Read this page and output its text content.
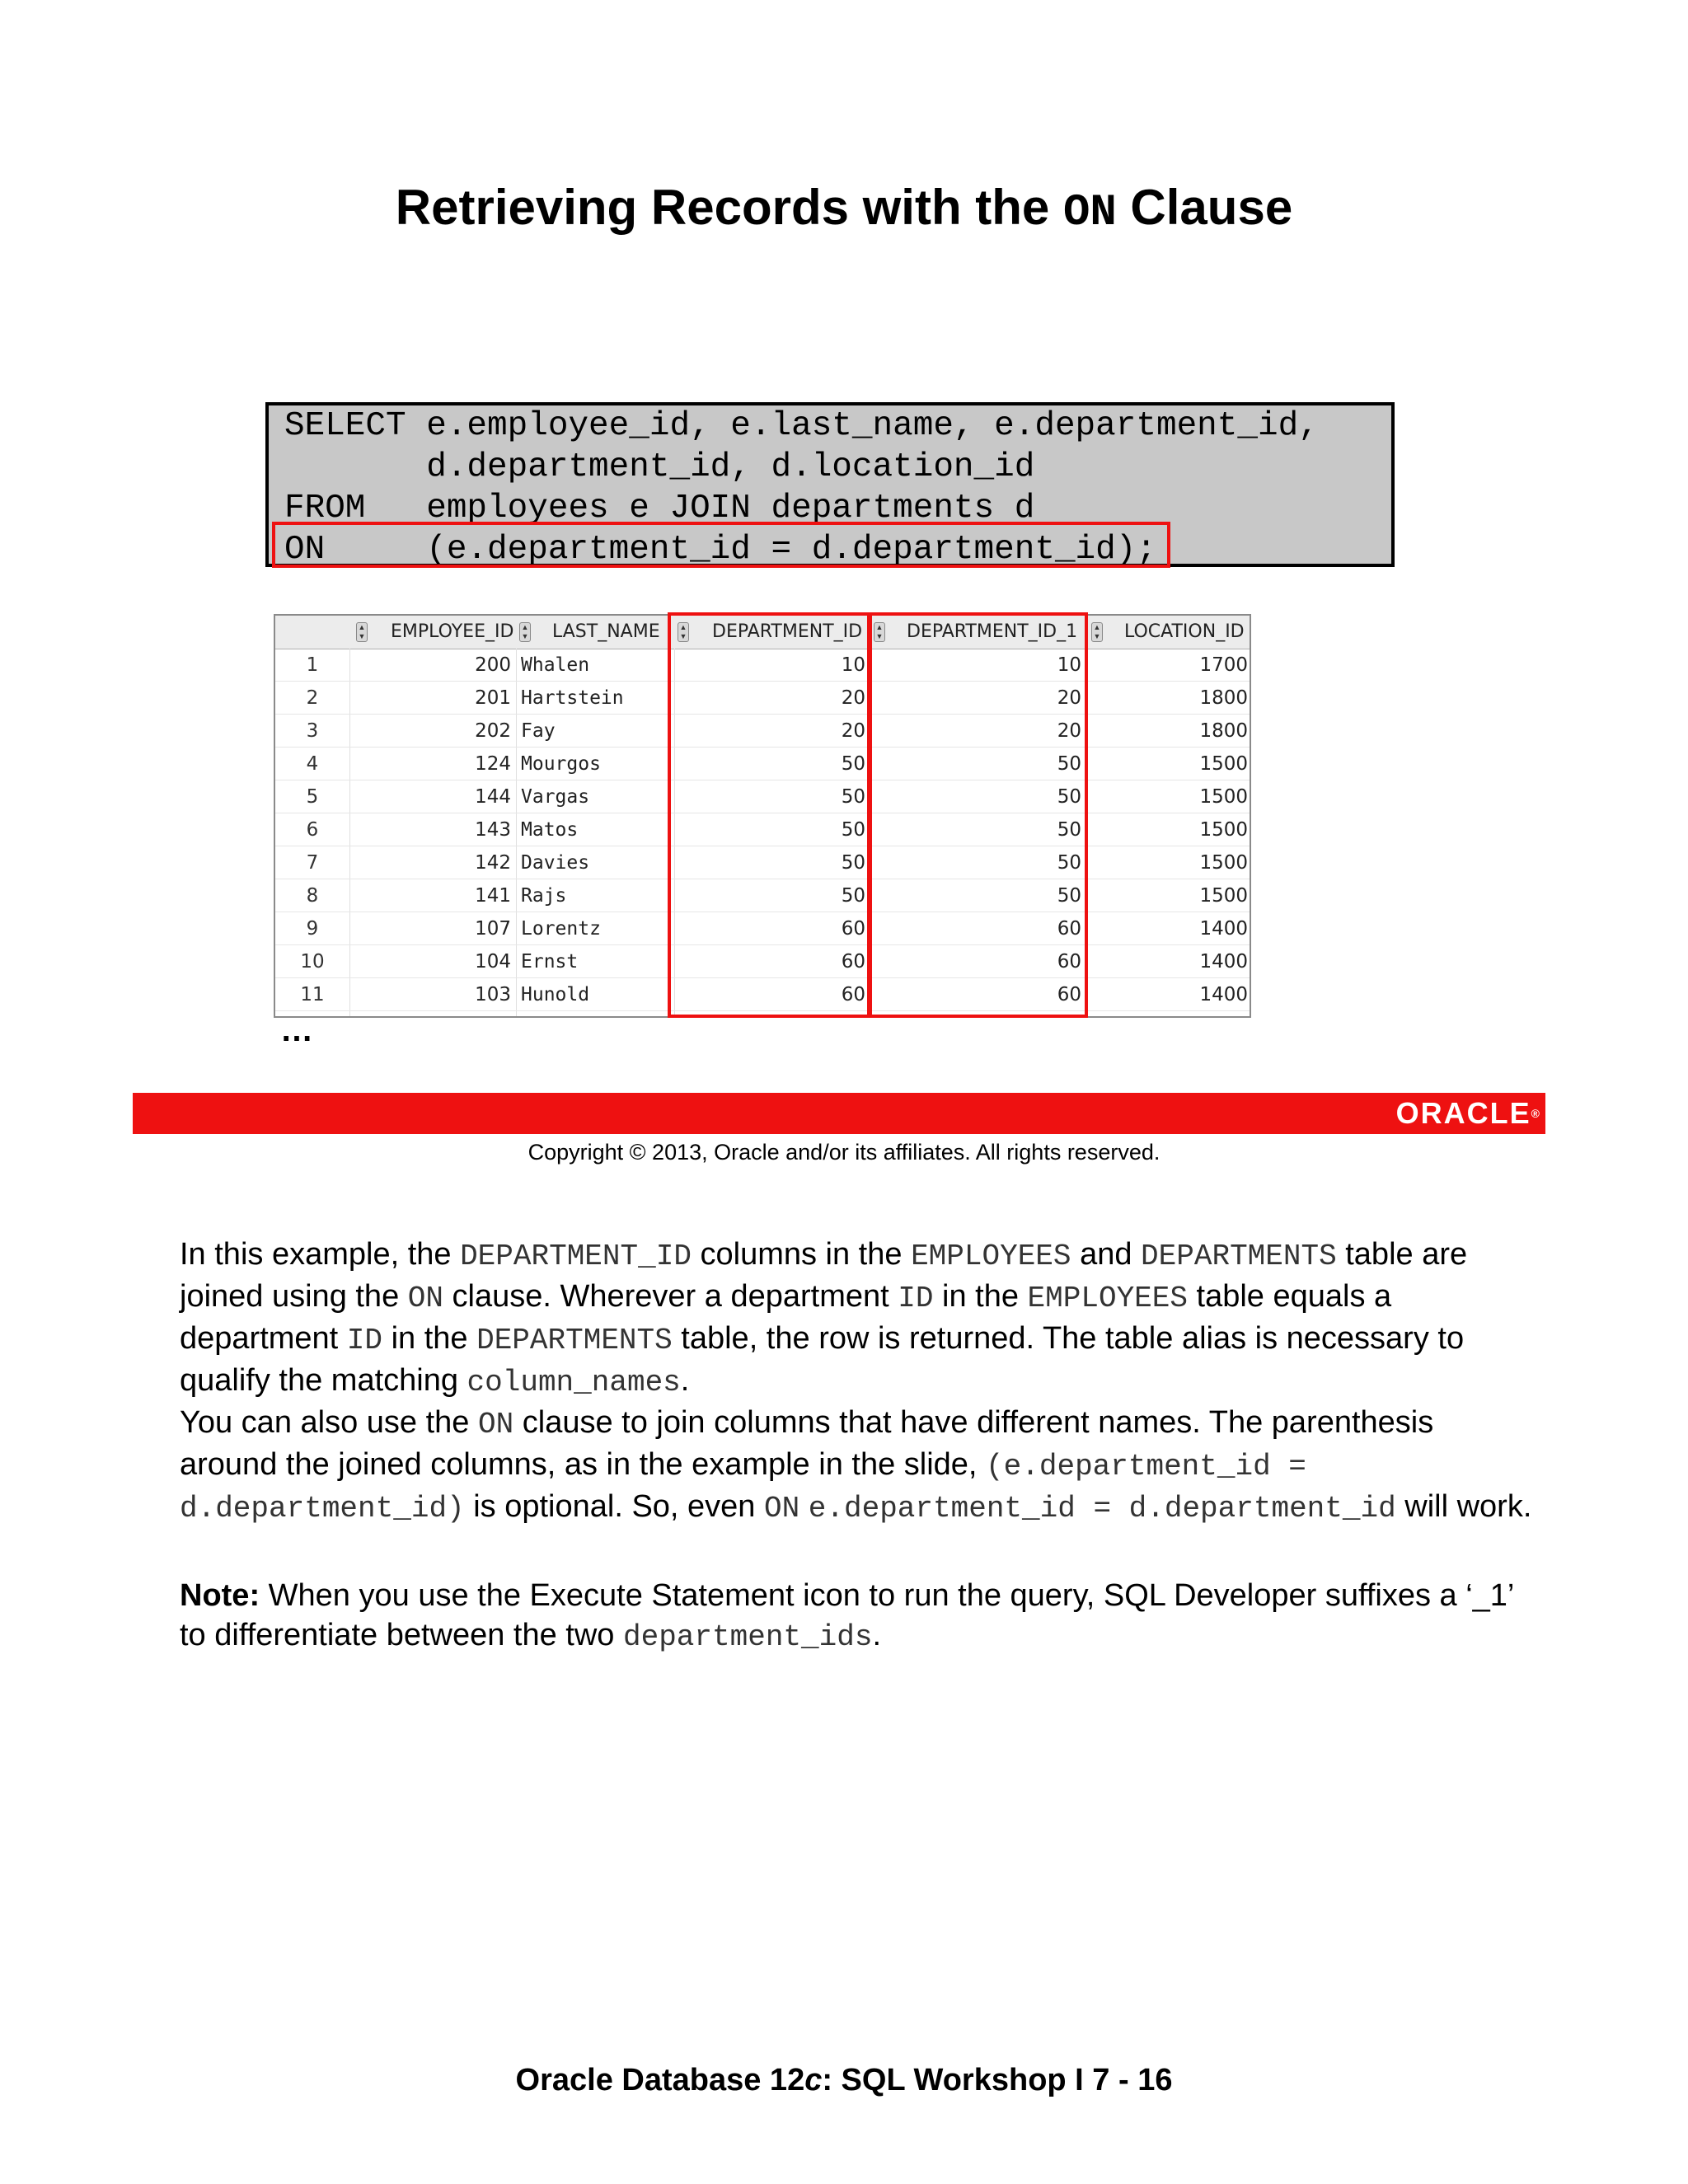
Retrieving Records with the ON Clause
SELECT e.employee_id, e.last_name, e.department_id,
d.department_id, d.location_id
FROM   employees e JOIN departments d
ON     (e.department_id = d.department_id);
▲
▼ EMPLOYEE_ID ▲
▼ LAST_NAME	▲
▼ DEPARTMENT_ID ▲
▼ DEPARTMENT_ID_1 ▲
▼ LOCATION_ID
1	200 Whalen	10	10	1700
2	201 Hartstein	20	20	1800
3	202 Fay	20	20	1800
4	124 Mourgos	50	50	1500
5	144 Vargas	50	50	1500
6	143 Matos	50	50	1500
7	142 Davies	50	50	1500
8	141 Rajs	50	50	1500
9	107 Lorentz	60	60	1400
10	104 Ernst	60	60	1400
11	103 Hunold	60	60	1400
…
ORACLE®
Copyright © 2013, Oracle and/or its affiliates. All rights reserved.
In this example, the DEPARTMENT_ID columns in the EMPLOYEES and DEPARTMENTS table are joined using the ON clause. Wherever a department ID in the EMPLOYEES table equals a department ID in the DEPARTMENTS table, the row is returned. The table alias is necessary to qualify the matching column_names.
You can also use the ON clause to join columns that have different names. The parenthesis around the joined columns, as in the example in the slide, (e.department_id = d.department_id) is optional. So, even ON e.department_id = d.department_id will work.
Note: When you use the Execute Statement icon to run the query, SQL Developer suffixes a ‘_1’ to differentiate between the two department_ids.
Oracle Database 12c: SQL Workshop I 7 - 16
